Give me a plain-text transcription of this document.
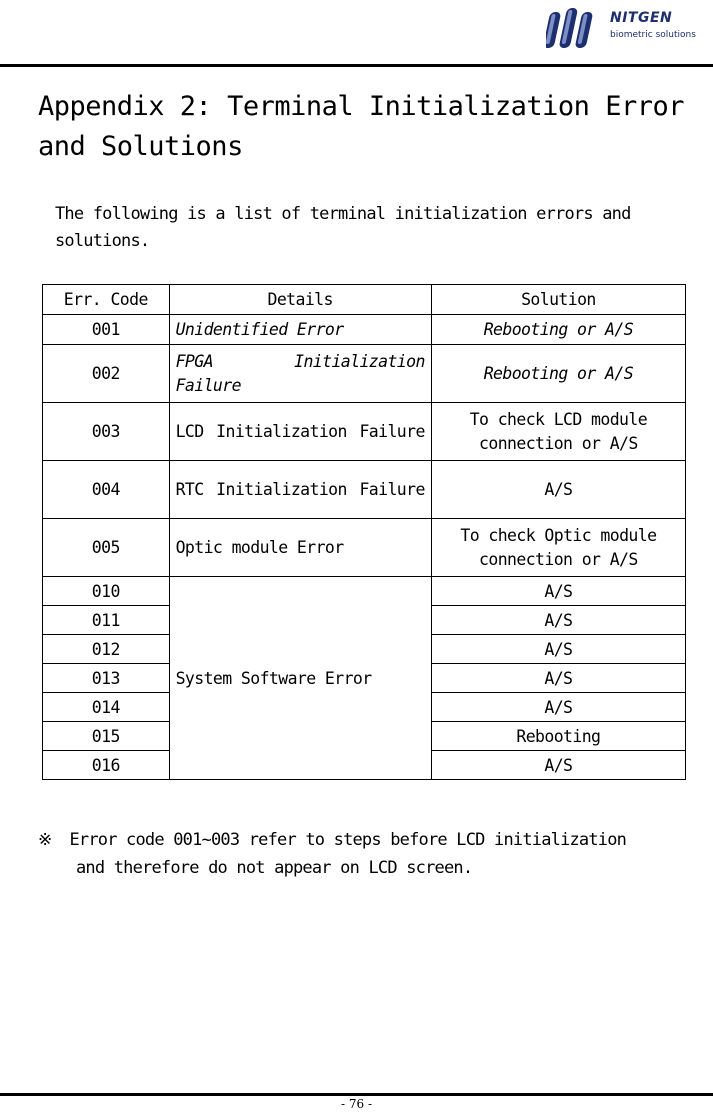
NITGEN
biometric solutions
Appendix 2: Terminal Initialization Error and Solutions

The following is a list of terminal initialization errors and solutions.

Err. Code	Details	Solution
001	Unidentified Error	Rebooting or A/S
002	FPGA Initialization Failure	Rebooting or A/S
003	LCD Initialization Failure	To check LCD module connection or A/S
004	RTC Initialization Failure	A/S
005	Optic module Error	To check Optic module connection or A/S
010	System Software Error	A/S
011		A/S
012		A/S
013		A/S
014		A/S
015		Rebooting
016		A/S

※ Error code 001~003 refer to steps before LCD initialization
and therefore do not appear on LCD screen.

- 76 -
